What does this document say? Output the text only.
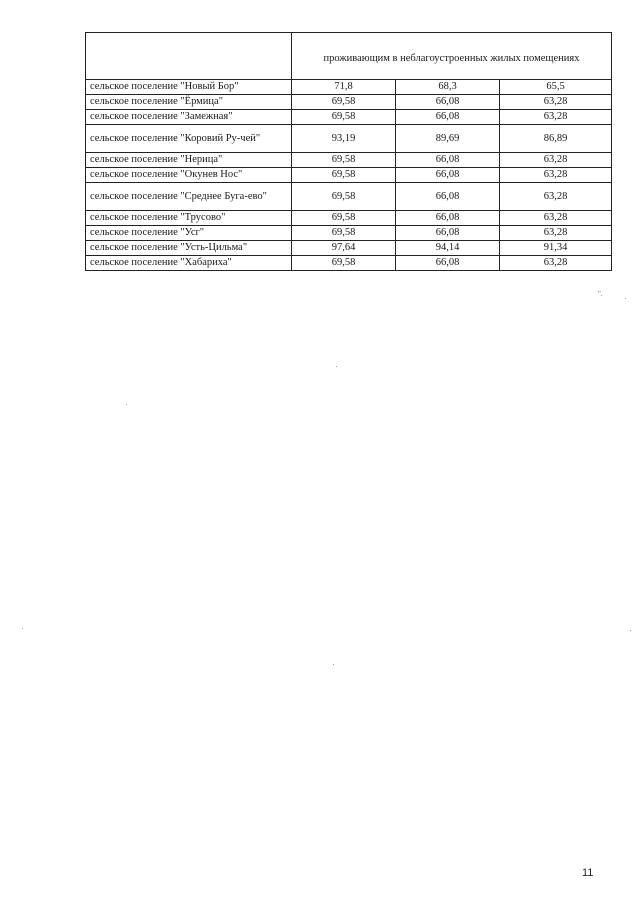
	проживающим в неблагоустроенных жилых помещениях		
сельское поселение "Новый Бор"	71,8	68,3	65,5
сельское поселение "Ёрмица"	69,58	66,08	63,28
сельское поселение "Замежная"	69,58	66,08	63,28
сельское поселение "Коровий Ру-чей"	93,19	89,69	86,89
сельское поселение "Нерица"	69,58	66,08	63,28
сельское поселение "Окунев Нос"	69,58	66,08	63,28
сельское поселение "Среднее Буга-ево"	69,58	66,08	63,28
сельское поселение "Трусово"	69,58	66,08	63,28
сельское поселение "Усг"	69,58	66,08	63,28
сельское поселение "Усть-Цильма"	97,64	94,14	91,34
сельское поселение "Хабариха"	69,58	66,08	63,28
".
11
